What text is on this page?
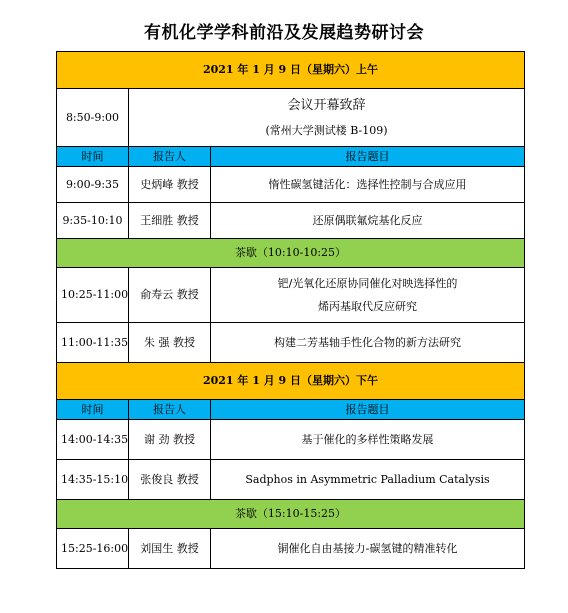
有机化学学科前沿及发展趋势研讨会
2021 年 1 月 9 日（星期六）上午		
8:50-9:00	会议开幕致辞
(常州大学测试楼 B-109)	

时间	报告人	报告题目
9:00-9:35	史炳峰 教授	惰性碳氢键活化：选择性控制与合成应用
9:35-10:10	王细胜 教授	还原偶联氟烷基化反应
茶歇（10:10-10:25）		
10:25-11:00	俞寿云 教授	钯/光氧化还原协同催化对映选择性的
烯丙基取代反应研究

11:00-11:35	朱 强 教授	构建二芳基轴手性化合物的新方法研究
2021 年 1 月 9 日（星期六）下午		
时间	报告人	报告题目
14:00-14:35	谢 劲 教授	基于催化的多样性策略发展
14:35-15:10	张俊良 教授	Sadphos in Asymmetric Palladium Catalysis
茶歇（15:10-15:25）		
15:25-16:00	刘国生 教授	铜催化自由基接力-碳氢键的精准转化
